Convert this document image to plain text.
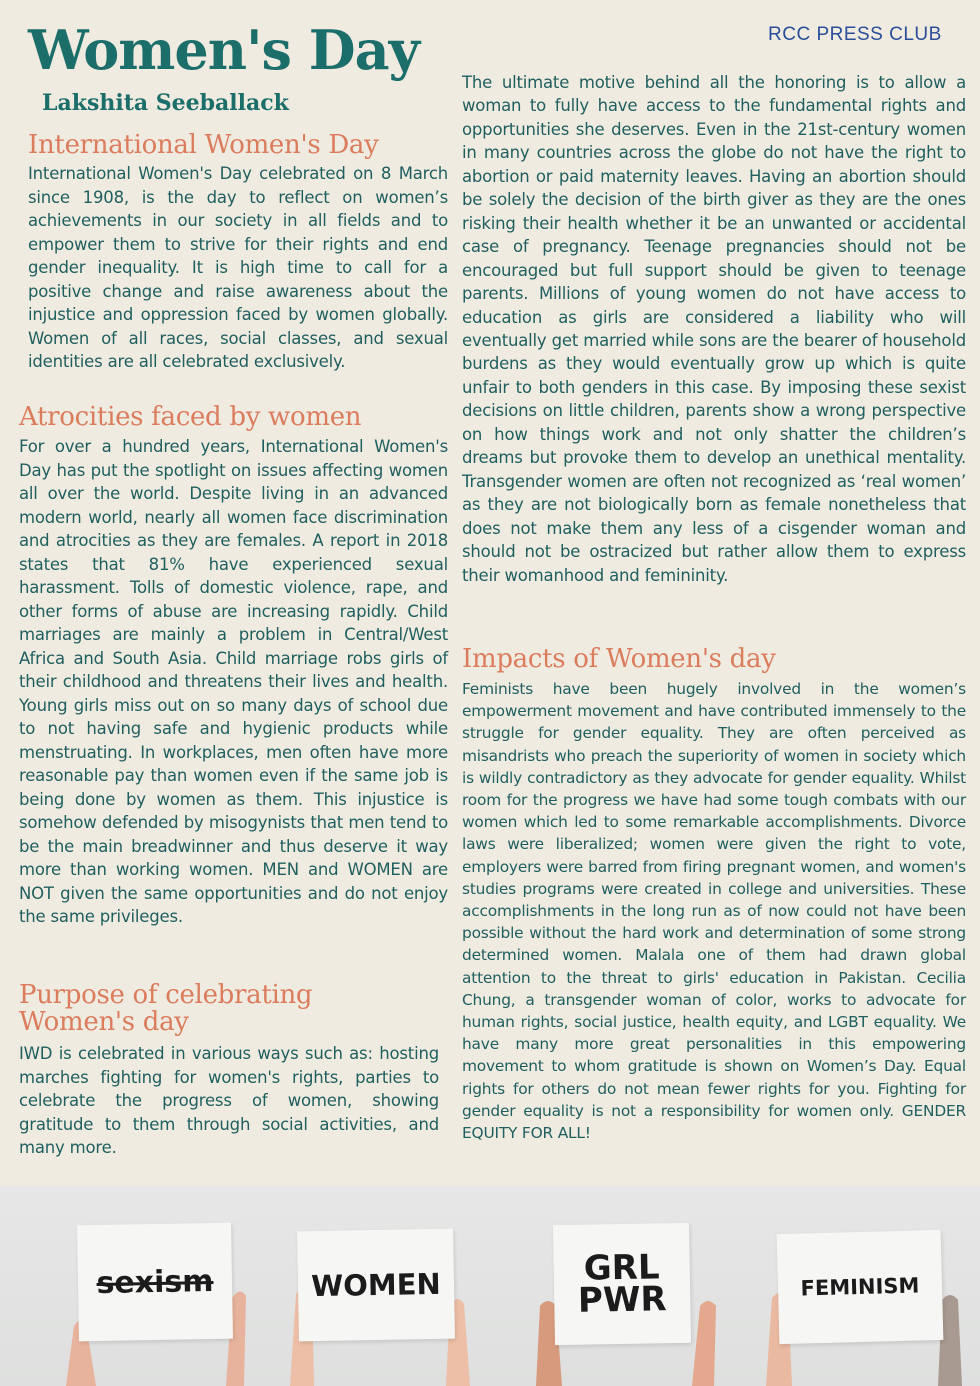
RCC PRESS CLUB
Women's Day
Lakshita Seeballack
International Women's Day

International Women's Day celebrated on 8 March since 1908, is the day to reflect on women’s achievements in our society in all fields and to empower them to strive for their rights and end gender inequality. It is high time to call for a positive change and raise awareness about the injustice and oppression faced by women globally. Women of all races, social classes, and sexual identities are all celebrated exclusively.

Atrocities faced by women

For over a hundred years, International Women's Day has put the spotlight on issues affecting women all over the world. Despite living in an advanced modern world, nearly all women face discrimination and atrocities as they are females. A report in 2018 states that 81% have experienced sexual harassment. Tolls of domestic violence, rape, and other forms of abuse are increasing rapidly. Child marriages are mainly a problem in Central/West Africa and South Asia. Child marriage robs girls of their childhood and threatens their lives and health. Young girls miss out on so many days of school due to not having safe and hygienic products while menstruating. In workplaces, men often have more reasonable pay than women even if the same job is being done by women as them. This injustice is somehow defended by misogynists that men tend to be the main breadwinner and thus deserve it way more than working women. MEN and WOMEN are NOT given the same opportunities and do not enjoy the same privileges.

Purpose of celebrating
Women's day

IWD is celebrated in various ways such as: hosting marches fighting for women's rights, parties to celebrate the progress of women, showing gratitude to them through social activities, and many more.

The ultimate motive behind all the honoring is to allow a woman to fully have access to the fundamental rights and opportunities she deserves. Even in the 21st-century women in many countries across the globe do not have the right to abortion or paid maternity leaves. Having an abortion should be solely the decision of the birth giver as they are the ones risking their health whether it be an unwanted or accidental case of pregnancy. Teenage pregnancies should not be encouraged but full support should be given to teenage parents. Millions of young women do not have access to education as girls are considered a liability who will eventually get married while sons are the bearer of household burdens as they would eventually grow up which is quite unfair to both genders in this case. By imposing these sexist decisions on little children, parents show a wrong perspective on how things work and not only shatter the children’s dreams but provoke them to develop an unethical mentality. Transgender women are often not recognized as ‘real women’ as they are not biologically born as female nonetheless that does not make them any less of a cisgender woman and should not be ostracized but rather allow them to express their womanhood and femininity.

Impacts of Women's day

Feminists have been hugely involved in the women’s empowerment movement and have contributed immensely to the struggle for gender equality. They are often perceived as misandrists who preach the superiority of women in society which is wildly contradictory as they advocate for gender equality. Whilst room for the progress we have had some tough combats with our women which led to some remarkable accomplishments. Divorce laws were liberalized; women were given the right to vote, employers were barred from firing pregnant women, and women's studies programs were created in college and universities. These accomplishments in the long run as of now could not have been possible without the hard work and determination of some strong determined women. Malala one of them had drawn global attention to the threat to girls' education in Pakistan. Cecilia Chung, a transgender woman of color, works to advocate for human rights, social justice, health equity, and LGBT equality. We have many more great personalities in this empowering movement to whom gratitude is shown on Women’s Day. Equal rights for others do not mean fewer rights for you. Fighting for gender equality is not a responsibility for women only. GENDER EQUITY FOR ALL!

sexism	WOMEN	GRL
PWR	FEMINISM
